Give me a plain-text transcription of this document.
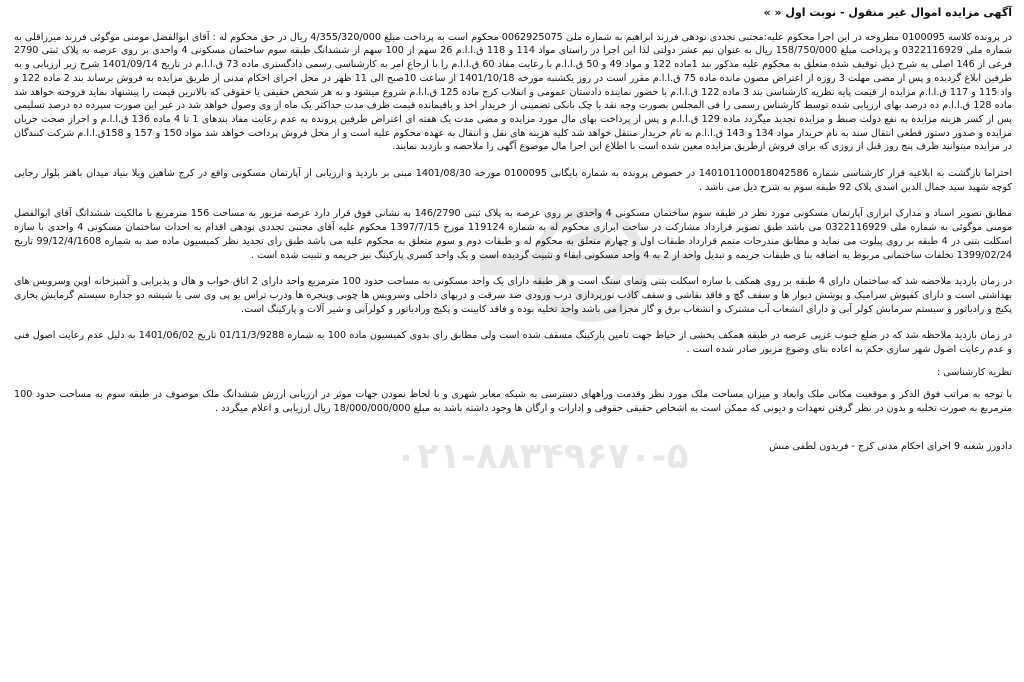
آگهی مزایده اموال غیر منقول - نوبت اول « »

در پرونده کلاسه 0100095 مطروحه در این اجرا محکوم علیه:مجتبی تجددی نودهی فرزند ابراهیم به شماره ملی 0062925075 محکوم است به پرداخت مبلغ 4/355/320/000 ریال در حق محکوم له : آقای ابوالفضل مومنی موگوئی فرزند میرزاقلی به شماره ملی 0322116929 و پرداخت مبلغ 158/750/000 ریال به عنوان نیم عشر دولتی لذا این اجرا در راستای مواد 114 و 118 ق.ا.ا.م 26 سهم از 100 سهم از ششدانگ طبقه سوم ساختمان مسکونی 4 واحدی بر روی عرصه به پلاک ثبتی 2790 فرعی از 146 اصلی به شرح ذیل توقیف شده متعلق به محکوم علیه مذکور بند 1ماده 122 و مواد 49 و 50 ق.ا.ا.م با رعایت مفاد 60 ق.ا.ا.م را با ارجاع امر به کارشناسی رسمی دادگستری ماده 73 ق.ا.ا.م در تاریخ 1401/09/14 شرح زیر ارزیابی و به طرفین ابلاغ گردیده و پس از مضی مهلت 3 روزه از اعتراض مصون مانده ماده 75 ق.ا.ا.م مقرر است در روز یکشنبه مورخه 1401/10/18 از ساعت 10صبح الی 11 ظهر در محل اجرای احکام مدنی از طریق مزایده به فروش برساند بند 2 ماده 122 و واد 115 و 117 ق.ا.ا.م مزایده از قیمت پایه نظریه کارشناسی بند 3 ماده 122 ق.ا.ا.م با حضور نماینده دادستان عمومی و انقلاب کرج ماده 125 ق.ا.ا.م شروع میشود و به هر شخص حقیقی یا حقوقی که بالاترین قیمت را پیشنهاد نماید فروخته خواهد شد ماده 128 ق.ا.ا.م ده درصد بهای ارزیابی شده توسط کارشناس رسمی را فی المجلس بصورت وجه نقد یا چک بانکی تضمینی از خریدار اخذ و باقیمانده قیمت ظرف مدت حداکثر یک ماه از وی وصول خواهد شد در غیر این صورت سپرده ده درصد تسلیمی پس از کسر هزینه مزایده به نفع دولت ضبط و مزایده تجدید میگردد ماده 129 ق.ا.ا.م و پس از پرداخت بهای مال مورد مزایده و مضی مدت یک هفته ای اعتراض طرفین پرونده به عدم رعایت مفاد بندهای 1 تا 4 ماده 136 ق.ا.ا.م و احراز صحت جریان مزایده و صدور دستور قطعی انتقال سند به نام خریدار مواد 134 و 143 ق.ا.ا.م به نام خریدار منتقل خواهد شد کلیه هزینه های نقل و انتقال به عهده محکوم علیه است و از محل فروش پرداخت خواهد شد مواد 150 و 157 و 158ق.ا.ا.م شرکت کنندگان در مزایده میتوانند ظرف پنج روز قبل از روزی که برای فروش ازطریق مزایده معین شده است با اطلاع این اجرا مال موضوع آگهی را ملاحضه و بازدید نمایند.

احتراما بازگشت به ابلاغیه قرار کارشناسی شماره 140101100018042586 در خصوص پرونده به شماره بایگانی 0100095 مورخه 1401/08/30 مبنی بر بازدید و ارزیابی از آپارتمان مسکونی واقع در کرج شاهین ویلا بنیاد میدان باهنر بلوار رجایی کوچه شهید سید جمال الدین اسدی پلاک 92 طبقه سوم به شرح ذیل می باشد .

مطابق تصویر اسناد و مدارک ابرازی آپارتمان مسکونی مورد نظر در طبقه سوم ساختمان مسکونی 4 واحدی بر روی عرصه به پلاک ثبتی 146/2790 به نشانی فوق قرار دارد عرصه مزبور به مساحت 156 مترمربع با مالکیت ششدانگ آقای ابوالفضل مومنی موگوئی به شماره ملی 0322116929 می باشد طبق تصویر قرارداد مشارکت در ساخت ابرازی محکوم له به شماره 119124 مورخ 1397/7/15 محکوم علیه آقای مجتبی تجددی نودهی اقدام به احداث ساختمان مسکونی 4 واحدی با سازه اسکلت بتنی در 4 طبقه بر روی پیلوت می نماید و مطابق مندرجات متمم قرارداد طبقات اول و چهارم متعلق به محکوم له و طبقات دوم و سوم متعلق به محکوم علیه می باشد طبق رای تجدید نظر کمیسیون ماده صد به شماره 99/12/4/1608 تاریخ 1399/02/24 تخلفات ساختمانی مربوط به اضافه بنا ی طبقات جریمه و تبدیل واحد از 2 به 4 واحد مسکونی ابقاء و تثبیت گردیده است و یک واحد کسری پارکینگ نیز جریمه و تثبیت شده است .

در زمان بازدید ملاحضه شد که ساختمان دارای 4 طبقه بر روی همکف با سازه اسکلت بتنی ونمای سنگ است و هر طبقه دارای یک واحد مسکونی به مساحت حدود 100 مترمربع واحد دارای 2 اتاق خواب و هال و پذیرایی و آشپزخانه اوپن وسرویس های بهداشتی است و دارای کفپوش سرامیک و پوشش دیوار ها و سقف گچ و فاقد نقاشی و سقف کاذب نورپردازی درب ورودی ضد سرقت و دربهای داخلی وسرویس ها چوبی وپنجره ها ودرب تراس یو پی وی سی با شیشه دو جداره سیستم گرمایش بخاری پکیج و رادیاتور و سیستم سرمایش کولر آبی و دارای انشعاب آب مشترک و انشعاب برق و گاز مجزا می باشد واحد تخلیه بوده و فاقد کابینت و پکیج ورادیاتور و کولرآبی و شیر آلات و پارکینگ است.

در زمان بازدید ملاحظه شد که در ضلع جنوب غربی عرصه در طبقه همکف بخشی از حیاط جهت تامین پارکینگ مسقف شده است ولی مطابق رای بدوی کمیسیون ماده 100 به شماره 01/11/3/9288 تاریخ 1401/06/02 به دلیل عدم رعایت اصول فنی و عدم رعایت اصول شهر سازی حکم به اعاده بنای وضوع مزبور صادر شده است .

نظریه کارشناسی :

با توجه به مراتب فوق الذکر و موقعیت مکانی ملک وابعاد و میزان مساحت ملک مورد نظر وقدمت وراههای دسترسی به شبکه معابر شهری و با لحاظ نمودن جهات موثر در ارزیابی ارزش ششدانگ ملک موصوف در طبقه سوم به مساحت حدود 100 مترمربع به صورت تخلیه و بدون در نظر گرفتن تعهدات و دیونی که ممکن است به اشخاص حقیقی حقوقی و ادارات و ارگان ها وجود داشته باشد به مبلغ 18/000/000/000 ریال ارزیابی و اعلام میگردد .

دادورز شعبه 9 اجرای احکام مدنی کرج - فریدون لطفی منش
۰۲۱-۸۸۳۴۹۶۷۰-۵
